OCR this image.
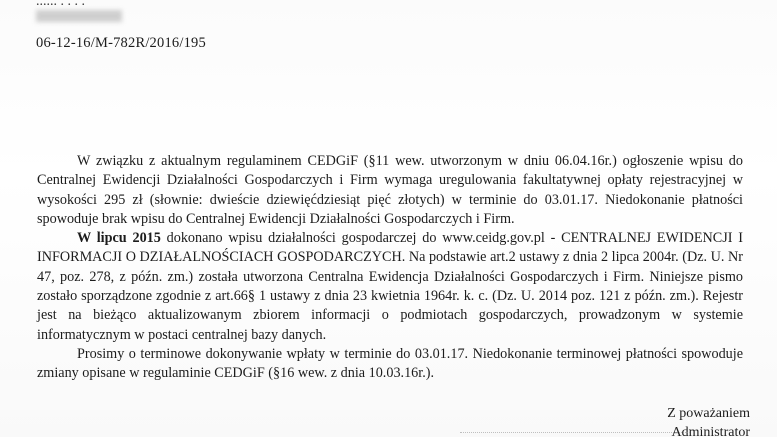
...... . . . .
06-12-16/M-782R/2016/195

W związku z aktualnym regulaminem CEDGiF (§11 wew. utworzonym w dniu 06.04.16r.) ogłoszenie wpisu do Centralnej Ewidencji Działalności Gospodarczych i Firm wymaga uregulowania fakultatywnej opłaty rejestracyjnej w wysokości 295 zł (słownie: dwieście dziewięćdziesiąt pięć złotych) w terminie do 03.01.17. Niedokonanie płatności spowoduje brak wpisu do Centralnej Ewidencji Działalności Gospodarczych i Firm.

W lipcu 2015 dokonano wpisu działalności gospodarczej do www.ceidg.gov.pl - CENTRALNEJ EWIDENCJI I INFORMACJI O DZIAŁALNOŚCIACH GOSPODARCZYCH. Na podstawie art.2 ustawy z dnia 2 lipca 2004r. (Dz. U. Nr 47, poz. 278, z późn. zm.) została utworzona Centralna Ewidencja Działalności Gospodarczych i Firm. Niniejsze pismo zostało sporządzone zgodnie z art.66§ 1 ustawy z dnia 23 kwietnia 1964r. k. c. (Dz. U. 2014 poz. 121 z późn. zm.). Rejestr jest na bieżąco aktualizowanym zbiorem informacji o podmiotach gospodarczych, prowadzonym w systemie informatycznym w postaci centralnej bazy danych.

Prosimy o terminowe dokonywanie wpłaty w terminie do 03.01.17. Niedokonanie terminowej płatności spowoduje zmiany opisane w regulaminie CEDGiF (§16 wew. z dnia 10.03.16r.).

Z poważaniem
Administrator
